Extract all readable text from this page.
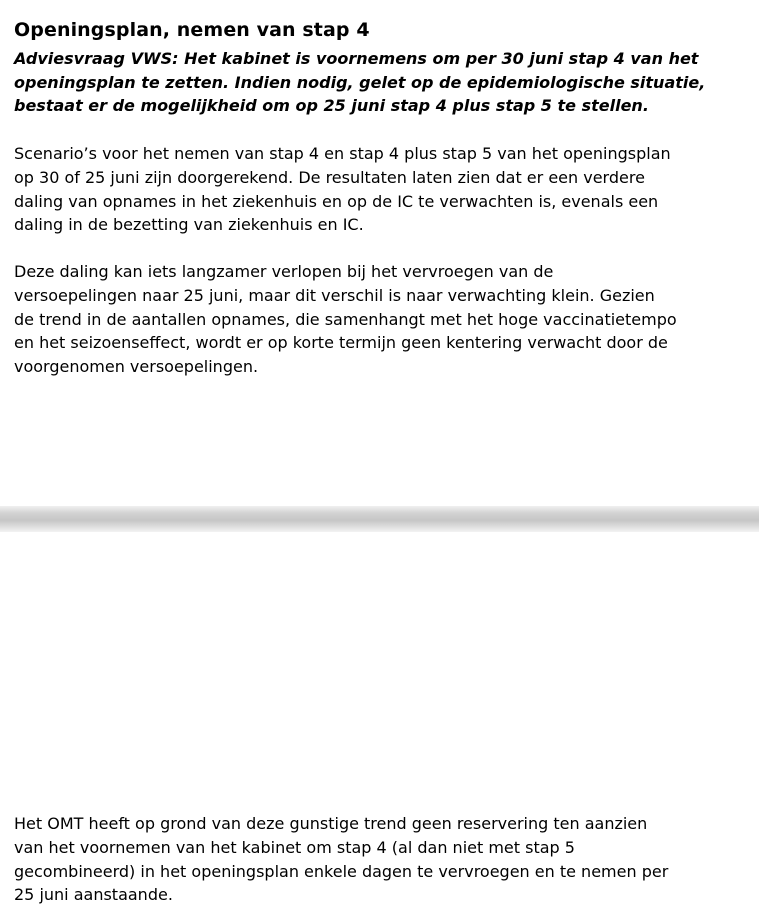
Openingsplan, nemen van stap 4

Adviesvraag VWS: Het kabinet is voornemens om per 30 juni stap 4 van het
openingsplan te zetten. Indien nodig, gelet op de epidemiologische situatie,
bestaat er de mogelijkheid om op 25 juni stap 4 plus stap 5 te stellen.

Scenario’s voor het nemen van stap 4 en stap 4 plus stap 5 van het openingsplan
op 30 of 25 juni zijn doorgerekend. De resultaten laten zien dat er een verdere
daling van opnames in het ziekenhuis en op de IC te verwachten is, evenals een
daling in de bezetting van ziekenhuis en IC.

Deze daling kan iets langzamer verlopen bij het vervroegen van de
versoepelingen naar 25 juni, maar dit verschil is naar verwachting klein. Gezien
de trend in de aantallen opnames, die samenhangt met het hoge vaccinatietempo
en het seizoenseffect, wordt er op korte termijn geen kentering verwacht door de
voorgenomen versoepelingen.

Het OMT heeft op grond van deze gunstige trend geen reservering ten aanzien
van het voornemen van het kabinet om stap 4 (al dan niet met stap 5
gecombineerd) in het openingsplan enkele dagen te vervroegen en te nemen per
25 juni aanstaande.
